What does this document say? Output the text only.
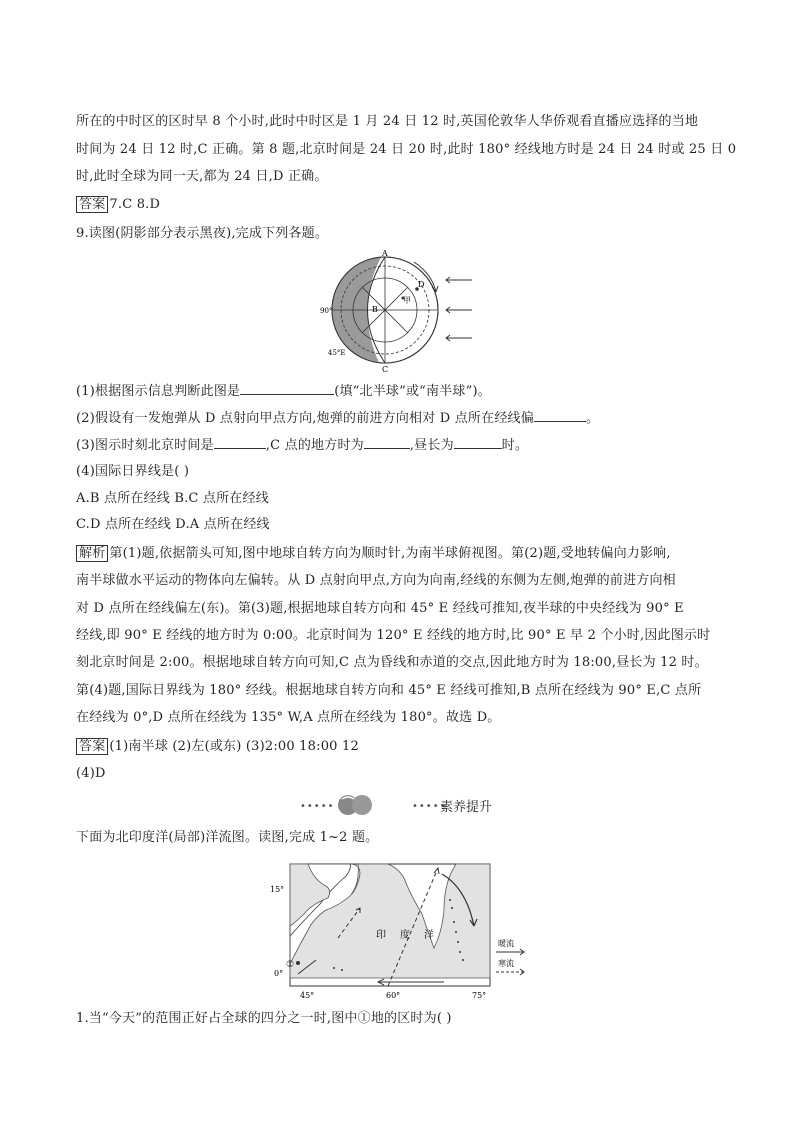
所在的中时区的区时早 8 个小时,此时中时区是 1 月 24 日 12 时,英国伦敦华人华侨观看直播应选择的当地
时间为 24 日 12 时,C 正确。第 8 题,北京时间是 24 日 20 时,此时 180° 经线地方时是 24 日 24 时或 25 日 0
时,此时全球为同一天,都为 24 日,D 正确。
答案 7.C 8.D
9.读图(阴影部分表示黑夜),完成下列各题。
A
B
C
D
甲
90°
45°E
(1)根据图示信息判断此图是	(填“北半球”或“南半球”)。
(2)假设有一发炮弹从 D 点射向甲点方向,炮弹的前进方向相对 D 点所在经线偏	。
(3)图示时刻北京时间是	,C 点的地方时为	,昼长为	时。
(4)国际日界线是( )
A.B 点所在经线 B.C 点所在经线
C.D 点所在经线 D.A 点所在经线
解析 第(1)题,依据箭头可知,图中地球自转方向为顺时针,为南半球俯视图。第(2)题,受地转偏向力影响,
南半球做水平运动的物体向左偏转。从 D 点射向甲点,方向为向南,经线的东侧为左侧,炮弹的前进方向相
对 D 点所在经线偏左(东)。第(3)题,根据地球自转方向和 45° E 经线可推知,夜半球的中央经线为 90° E
经线,即 90° E 经线的地方时为 0:00。北京时间为 120° E 经线的地方时,比 90° E 早 2 个小时,因此图示时
刻北京时间是 2:00。根据地球自转方向可知,C 点为昏线和赤道的交点,因此地方时为 18:00,昼长为 12 时。
第(4)题,国际日界线为 180° 经线。根据地球自转方向和 45° E 经线可推知,B 点所在经线为 90° E,C 点所
在经线为 0°,D 点所在经线为 135° W,A 点所在经线为 180°。故选 D。
答案 (1)南半球 (2)左(或东) (3)2:00 18:00 12
(4)D
•••••	•••••
素养提升
下面为北印度洋(局部)洋流图。读图,完成 1~2 题。
①
印 度 洋
15°
0°
45°	60°	75°
暖流
寒流
1.当“今天”的范围正好占全球的四分之一时,图中①地的区时为( )
